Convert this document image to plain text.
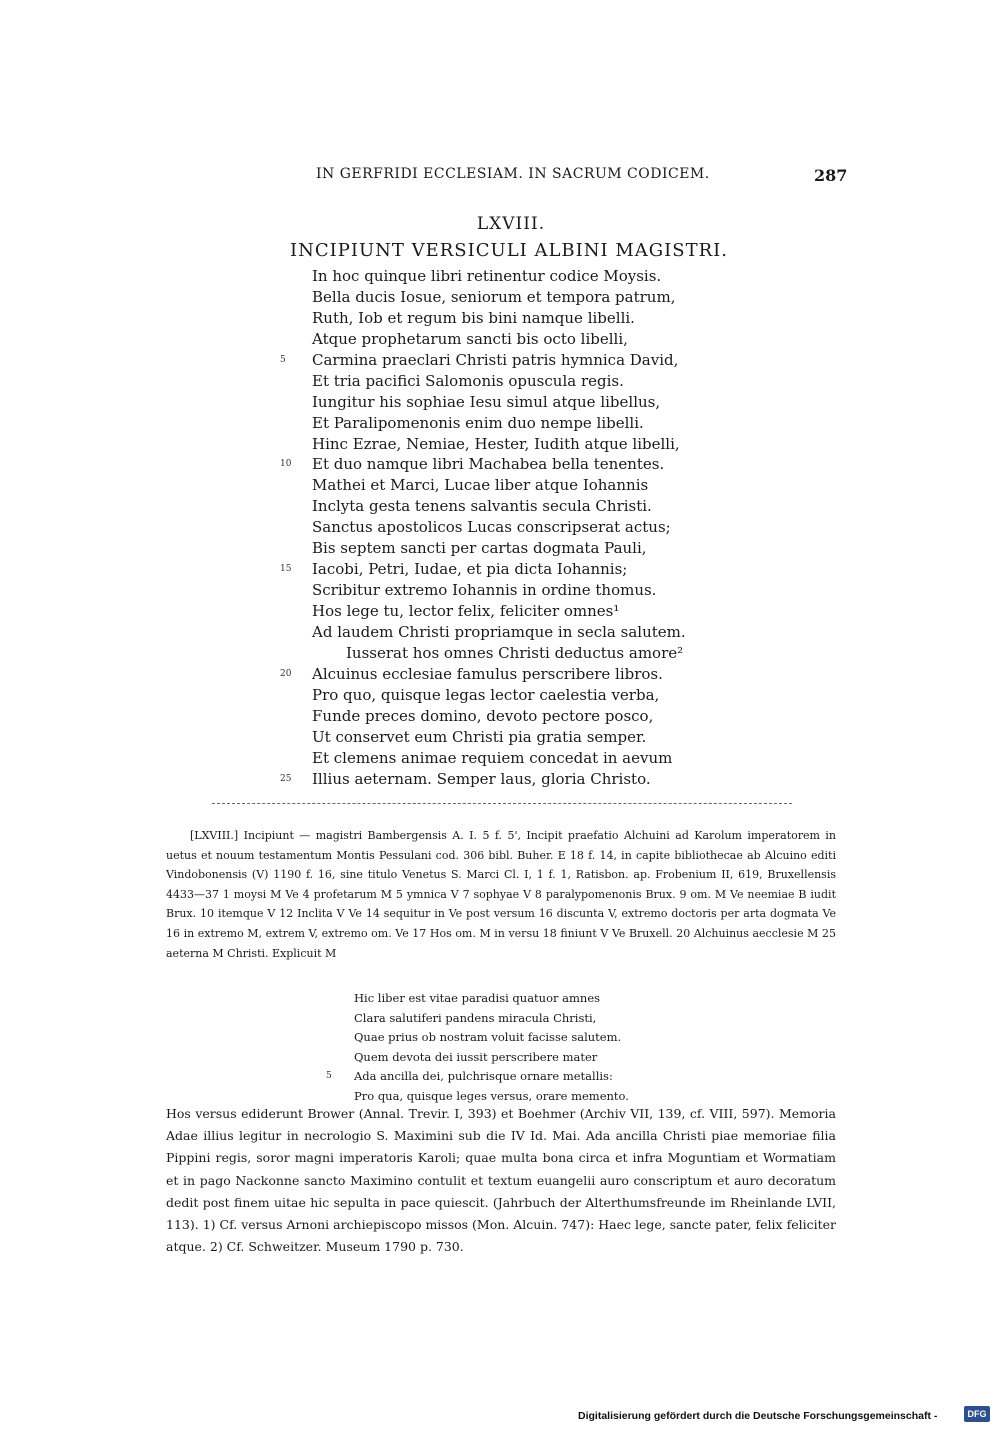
IN GERFRIDI ECCLESIAM. IN SACRUM CODICEM.	287
LXVIII.
INCIPIUNT VERSICULI ALBINI MAGISTRI.
In hoc quinque libri retinentur codice Moysis.
Bella ducis Iosue, seniorum et tempora patrum,
Ruth, Iob et regum bis bini namque libelli.
Atque prophetarum sancti bis octo libelli,
5 Carmina praeclari Christi patris hymnica David,
Et tria pacifici Salomonis opuscula regis.
Iungitur his sophiae Iesu simul atque libellus,
Et Paralipomenonis enim duo nempe libelli.
Hinc Ezrae, Nemiae, Hester, Iudith atque libelli,
10 Et duo namque libri Machabea bella tenentes.
Mathei et Marci, Lucae liber atque Iohannis
Inclyta gesta tenens salvantis secula Christi.
Sanctus apostolicos Lucas conscripserat actus;
Bis septem sancti per cartas dogmata Pauli,
15 Iacobi, Petri, Iudae, et pia dicta Iohannis;
Scribitur extremo Iohannis in ordine thomus.
Hos lege tu, lector felix, feliciter omnes¹
Ad laudem Christi propriamque in secla salutem.
Iusserat hos omnes Christi deductus amore²
20 Alcuinus ecclesiae famulus perscribere libros.
Pro quo, quisque legas lector caelestia verba,
Funde preces domino, devoto pectore posco,
Ut conservet eum Christi pia gratia semper.
Et clemens animae requiem concedat in aevum
25 Illius aeternam. Semper laus, gloria Christo.

[LXVIII.] Incipiunt — magistri Bambergensis A. I. 5 f. 5', Incipit praefatio Alchuini ad Karolum imperatorem in uetus et nouum testamentum Montis Pessulani cod. 306 bibl. Buher. E 18 f. 14, in capite bibliothecae ab Alcuino editi Vindobonensis (V) 1190 f. 16, sine titulo Venetus S. Marci Cl. I, 1 f. 1, Ratisbon. ap. Frobenium II, 619, Bruxellensis 4433—37 1 moysi M Ve 4 profetarum M 5 ymnica V 7 sophyae V 8 paralypomenonis Brux. 9 om. M Ve neemiae B iudit Brux. 10 itemque V 12 Inclita V Ve 14 sequitur in Ve post versum 16 discunta V, extremo doctoris per arta dogmata Ve 16 in extremo M, extrem V, extremo om. Ve 17 Hos om. M in versu 18 finiunt V Ve Bruxell. 20 Alchuinus aecclesie M 25 aeterna M Christi. Explicuit M

Hic liber est vitae paradisi quatuor amnes
Clara salutiferi pandens miracula Christi,
Quae prius ob nostram voluit facisse salutem.
Quem devota dei iussit perscribere mater
5 Ada ancilla dei, pulchrisque ornare metallis:
Pro qua, quisque leges versus, orare memento.

Hos versus ediderunt Brower (Annal. Trevir. I, 393) et Boehmer (Archiv VII, 139, cf. VIII, 597). Memoria Adae illius legitur in necrologio S. Maximini sub die IV Id. Mai. Ada ancilla Christi piae memoriae filia Pippini regis, soror magni imperatoris Karoli; quae multa bona circa et infra Moguntiam et Wormatiam et in pago Nackonne sancto Maximino contulit et textum euangelii auro conscriptum et auro decoratum dedit post finem uitae hic sepulta in pace quiescit. (Jahrbuch der Alterthumsfreunde im Rheinlande LVII, 113). 1) Cf. versus Arnoni archiepiscopo missos (Mon. Alcuin. 747): Haec lege, sancte pater, felix feliciter atque. 2) Cf. Schweitzer. Museum 1790 p. 730.

Digitalisierung gefördert durch die Deutsche Forschungsgemeinschaft -	DFG
